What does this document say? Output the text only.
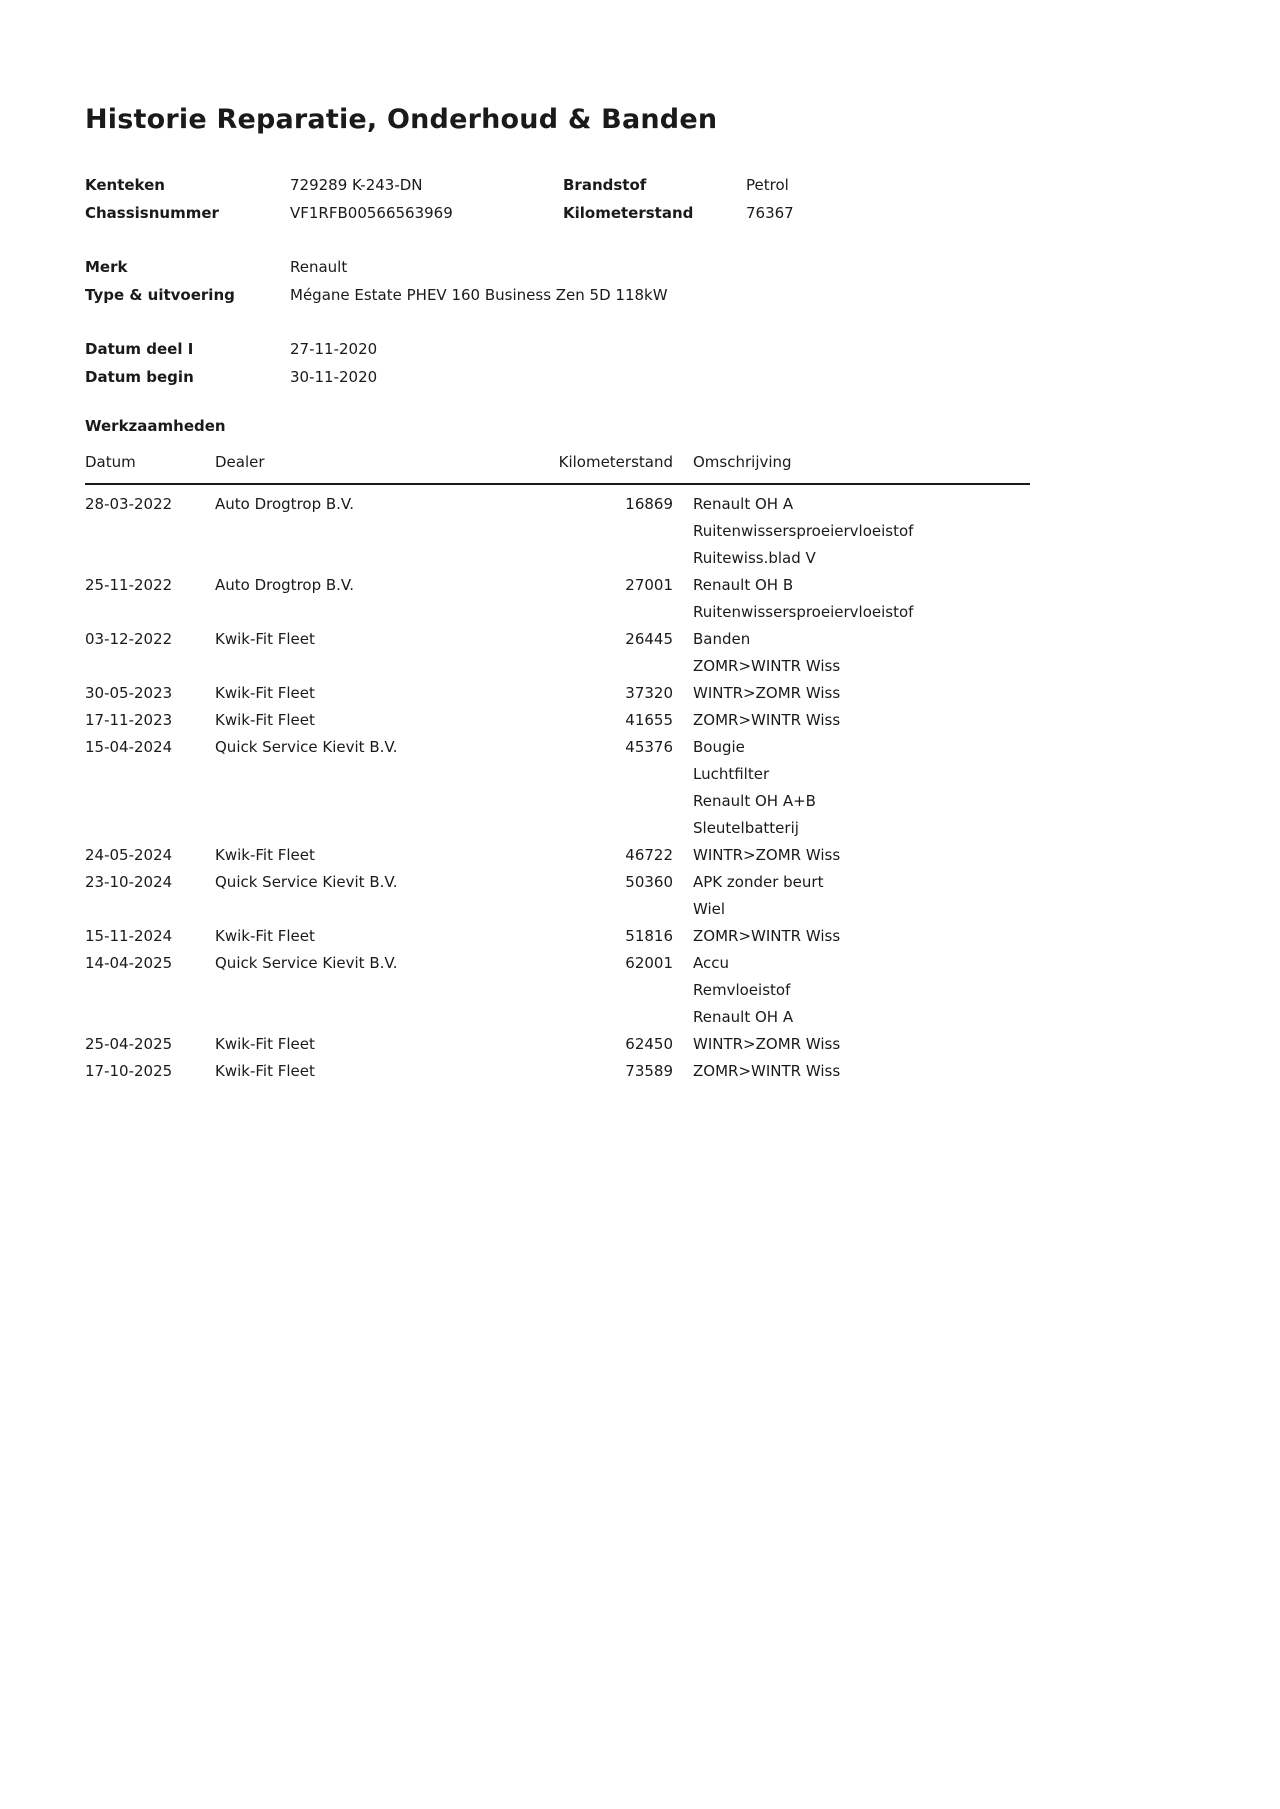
Historie Reparatie, Onderhoud & Banden
Kenteken	729289 K-243-DN	Brandstof	Petrol
Chassisnummer	VF1RFB00566563969	Kilometerstand	76367
Merk	Renault
Type & uitvoering	Mégane Estate PHEV 160 Business Zen 5D 118kW
Datum deel I	27-11-2020
Datum begin	30-11-2020
Werkzaamheden
Datum	Dealer	Kilometerstand	Omschrijving
28-03-2022	Auto Drogtrop B.V.	16869	Renault OH A
Ruitenwissersproeiervloeistof
Ruitewiss.blad V
25-11-2022	Auto Drogtrop B.V.	27001	Renault OH B
Ruitenwissersproeiervloeistof
03-12-2022	Kwik-Fit Fleet	26445	Banden
ZOMR>WINTR Wiss
30-05-2023	Kwik-Fit Fleet	37320	WINTR>ZOMR Wiss
17-11-2023	Kwik-Fit Fleet	41655	ZOMR>WINTR Wiss
15-04-2024	Quick Service Kievit B.V.	45376	Bougie
Luchtfilter
Renault OH A+B
Sleutelbatterij
24-05-2024	Kwik-Fit Fleet	46722	WINTR>ZOMR Wiss
23-10-2024	Quick Service Kievit B.V.	50360	APK zonder beurt
Wiel
15-11-2024	Kwik-Fit Fleet	51816	ZOMR>WINTR Wiss
14-04-2025	Quick Service Kievit B.V.	62001	Accu
Remvloeistof
Renault OH A
25-04-2025	Kwik-Fit Fleet	62450	WINTR>ZOMR Wiss
17-10-2025	Kwik-Fit Fleet	73589	ZOMR>WINTR Wiss
